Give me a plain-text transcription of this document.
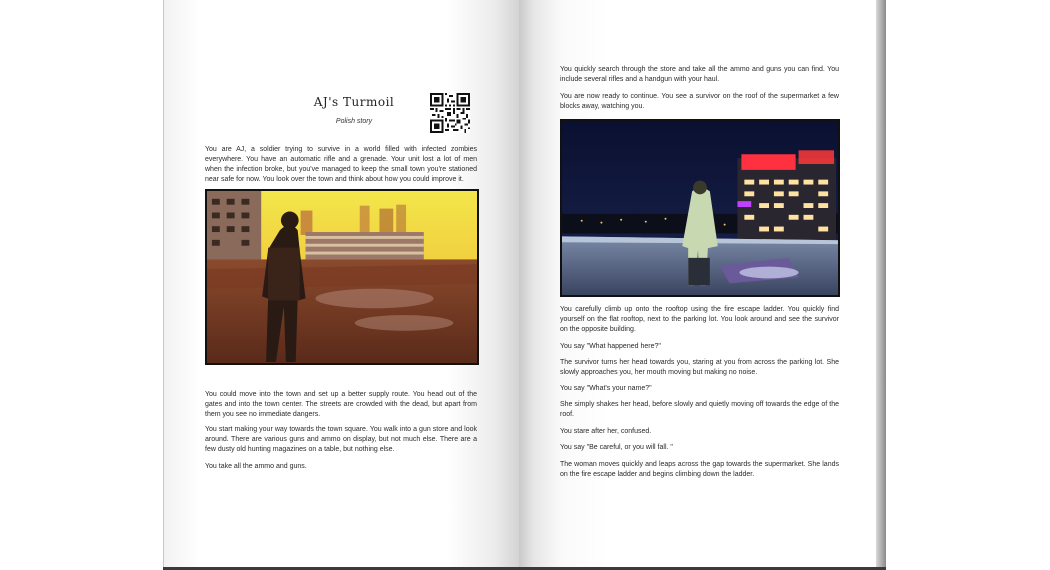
AJ's Turmoil
Polish story

You are AJ, a soldier trying to survive in a world filled with infected zombies everywhere. You have an automatic rifle and a grenade. Your unit lost a lot of men when the infection broke, but you've managed to keep the small town you're stationed near safe for now. You look over the town and think about how you could improve it.

You could move into the town and set up a better supply route. You head out of the gates and into the town center. The streets are crowded with the dead, but apart from them you see no immediate dangers.

You start making your way towards the town square. You walk into a gun store and look around. There are various guns and ammo on display, but not much else. There are a few dusty old hunting magazines on a table, but nothing else.

You take all the ammo and guns.

You quickly search through the store and take all the ammo and guns you can find. You include several rifles and a handgun with your haul.

You are now ready to continue. You see a survivor on the roof of the supermarket a few blocks away, watching you.

You carefully climb up onto the rooftop using the fire escape ladder. You quickly find yourself on the flat rooftop, next to the parking lot. You look around and see the survivor on the opposite building.

You say "What happened here?"

The survivor turns her head towards you, staring at you from across the parking lot. She slowly approaches you, her mouth moving but making no noise.

You say "What's your name?"

She simply shakes her head, before slowly and quietly moving off towards the edge of the roof.

You stare after her, confused.

You say "Be careful, or you will fall. "

The woman moves quickly and leaps across the gap towards the supermarket. She lands on the fire escape ladder and begins climbing down the ladder.
